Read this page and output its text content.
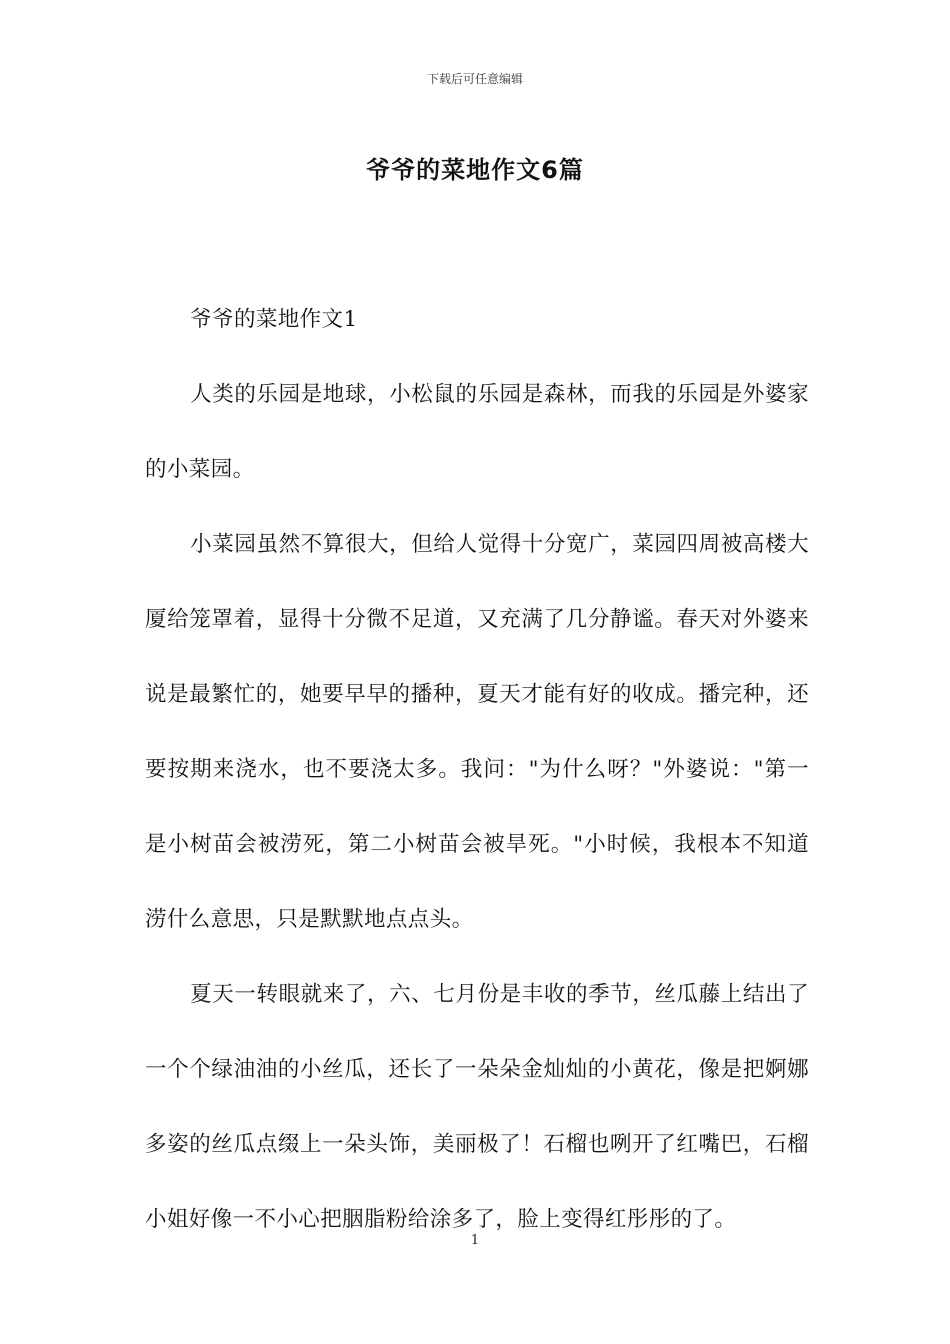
下载后可任意编辑
爷爷的菜地作文6篇

爷爷的菜地作文1

人类的乐园是地球，小松鼠的乐园是森林，而我的乐园是外婆家的小菜园。

小菜园虽然不算很大，但给人觉得十分宽广，菜园四周被高楼大厦给笼罩着，显得十分微不足道，又充满了几分静谧。春天对外婆来说是最繁忙的，她要早早的播种，夏天才能有好的收成。播完种，还要按期来浇水，也不要浇太多。我问："为什么呀？"外婆说："第一是小树苗会被涝死，第二小树苗会被旱死。"小时候，我根本不知道涝什么意思，只是默默地点点头。

夏天一转眼就来了，六、七月份是丰收的季节，丝瓜藤上结出了一个个绿油油的小丝瓜，还长了一朵朵金灿灿的小黄花，像是把婀娜多姿的丝瓜点缀上一朵头饰，美丽极了！石榴也咧开了红嘴巴，石榴小姐好像一不小心把胭脂粉给涂多了，脸上变得红彤彤的了。

1
